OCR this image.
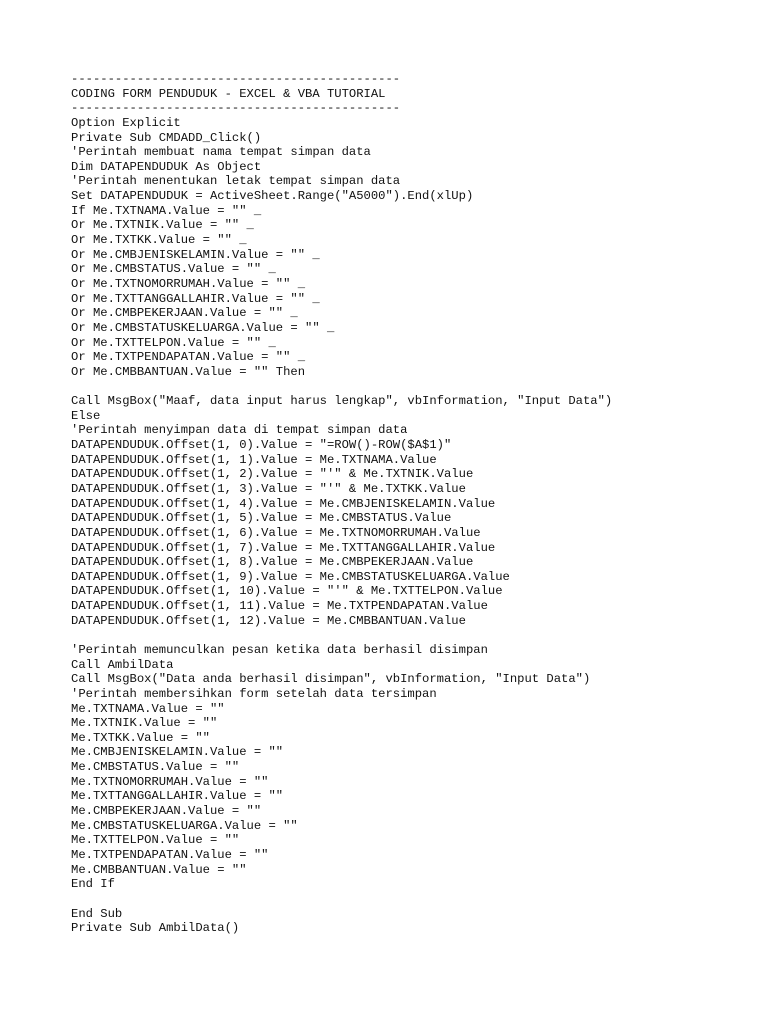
---------------------------------------------
CODING FORM PENDUDUK - EXCEL & VBA TUTORIAL
---------------------------------------------
Option Explicit
Private Sub CMDADD_Click()
'Perintah membuat nama tempat simpan data
Dim DATAPENDUDUK As Object
'Perintah menentukan letak tempat simpan data
Set DATAPENDUDUK = ActiveSheet.Range("A5000").End(xlUp)
If Me.TXTNAMA.Value = "" _
Or Me.TXTNIK.Value = "" _
Or Me.TXTKK.Value = "" _
Or Me.CMBJENISKELAMIN.Value = "" _
Or Me.CMBSTATUS.Value = "" _
Or Me.TXTNOMORRUMAH.Value = "" _
Or Me.TXTTANGGALLAHIR.Value = "" _
Or Me.CMBPEKERJAAN.Value = "" _
Or Me.CMBSTATUSKELUARGA.Value = "" _
Or Me.TXTTELPON.Value = "" _
Or Me.TXTPENDAPATAN.Value = "" _
Or Me.CMBBANTUAN.Value = "" Then
Call MsgBox("Maaf, data input harus lengkap", vbInformation, "Input Data")
Else
'Perintah menyimpan data di tempat simpan data
DATAPENDUDUK.Offset(1, 0).Value = "=ROW()-ROW($A$1)"
DATAPENDUDUK.Offset(1, 1).Value = Me.TXTNAMA.Value
DATAPENDUDUK.Offset(1, 2).Value = "'" & Me.TXTNIK.Value
DATAPENDUDUK.Offset(1, 3).Value = "'" & Me.TXTKK.Value
DATAPENDUDUK.Offset(1, 4).Value = Me.CMBJENISKELAMIN.Value
DATAPENDUDUK.Offset(1, 5).Value = Me.CMBSTATUS.Value
DATAPENDUDUK.Offset(1, 6).Value = Me.TXTNOMORRUMAH.Value
DATAPENDUDUK.Offset(1, 7).Value = Me.TXTTANGGALLAHIR.Value
DATAPENDUDUK.Offset(1, 8).Value = Me.CMBPEKERJAAN.Value
DATAPENDUDUK.Offset(1, 9).Value = Me.CMBSTATUSKELUARGA.Value
DATAPENDUDUK.Offset(1, 10).Value = "'" & Me.TXTTELPON.Value
DATAPENDUDUK.Offset(1, 11).Value = Me.TXTPENDAPATAN.Value
DATAPENDUDUK.Offset(1, 12).Value = Me.CMBBANTUAN.Value
'Perintah memunculkan pesan ketika data berhasil disimpan
Call AmbilData
Call MsgBox("Data anda berhasil disimpan", vbInformation, "Input Data")
'Perintah membersihkan form setelah data tersimpan
Me.TXTNAMA.Value = ""
Me.TXTNIK.Value = ""
Me.TXTKK.Value = ""
Me.CMBJENISKELAMIN.Value = ""
Me.CMBSTATUS.Value = ""
Me.TXTNOMORRUMAH.Value = ""
Me.TXTTANGGALLAHIR.Value = ""
Me.CMBPEKERJAAN.Value = ""
Me.CMBSTATUSKELUARGA.Value = ""
Me.TXTTELPON.Value = ""
Me.TXTPENDAPATAN.Value = ""
Me.CMBBANTUAN.Value = ""
End If
End Sub
Private Sub AmbilData()
